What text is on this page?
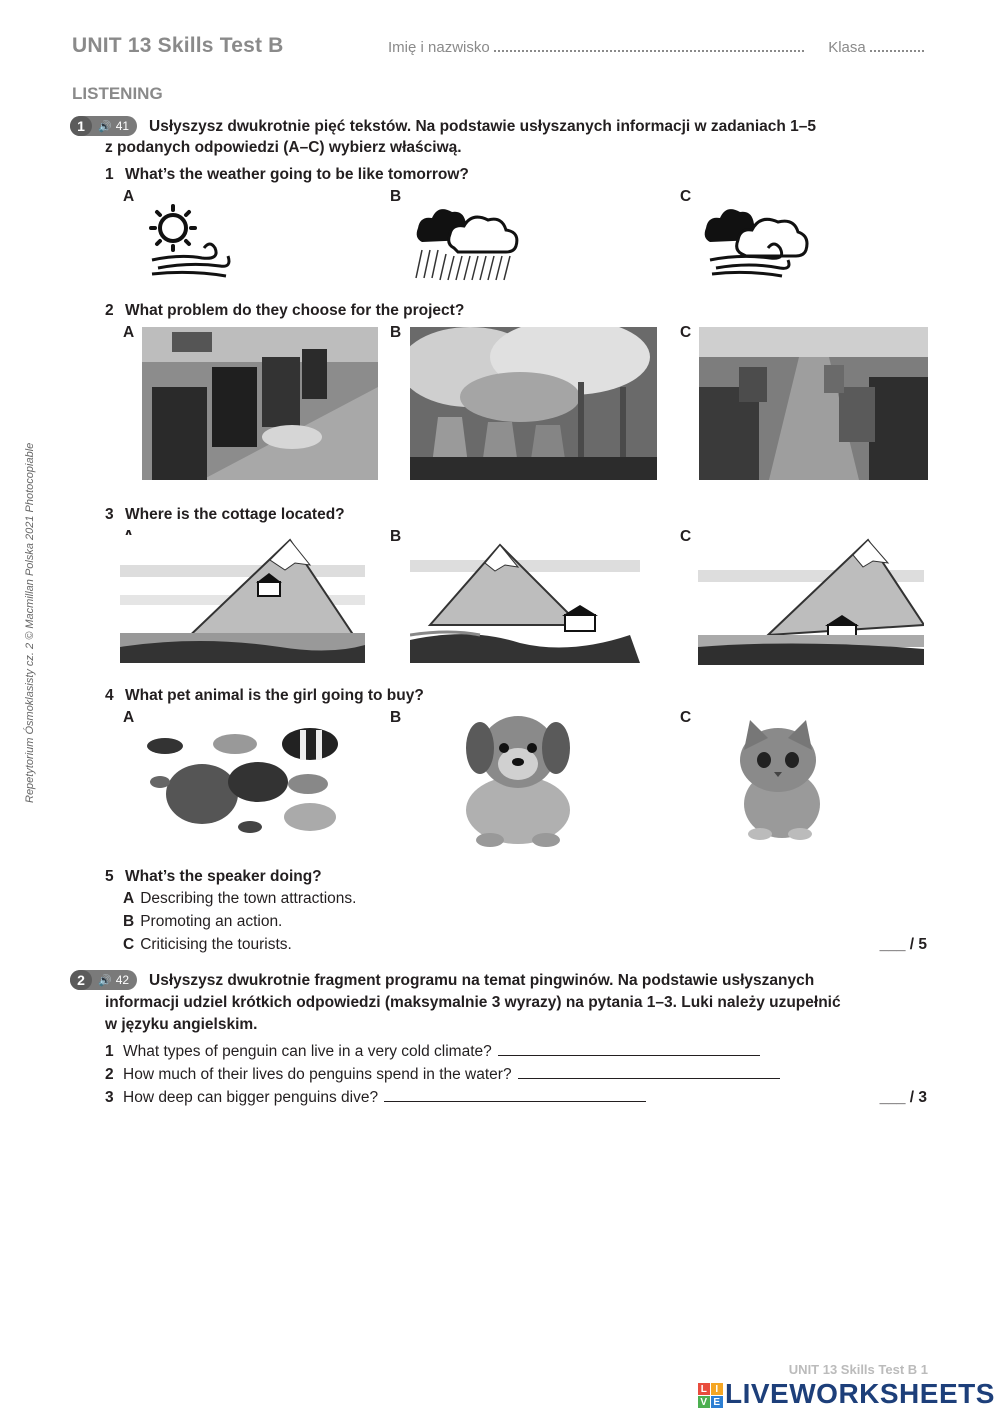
UNIT 13 Skills Test B	Imię i nazwisko	Klasa
LISTENING
1	🔊 41 Usłyszysz dwukrotnie pięć tekstów. Na podstawie usłyszanych informacji w zadaniach 1–5
z podanych odpowiedzi (A–C) wybierz właściwą.
1 What’s the weather going to be like tomorrow?
A	B	C
2 What problem do they choose for the project?
A	B	C
3 Where is the cottage located?
B	C
4 What pet animal is the girl going to buy?
A	B	C
5 What’s the speaker doing?
A Describing the town attractions.
B Promoting an action.
C Criticising the tourists.	___ / 5
2	🔊 42 Usłyszysz dwukrotnie fragment programu na temat pingwinów. Na podstawie usłyszanych
informacji udziel krótkich odpowiedzi (maksymalnie 3 wyrazy) na pytania 1–3. Luki należy uzupełnić
w języku angielskim.
1 What types of penguin can live in a very cold climate?
2 How much of their lives do penguins spend in the water?
3 How deep can bigger penguins dive?	___ / 3
Repetytorium Ósmoklasisty cz. 2 © Macmillan Polska 2021 Photocopiable
UNIT 13 Skills Test B 1
L I
V E LIVEWORKSHEETS
